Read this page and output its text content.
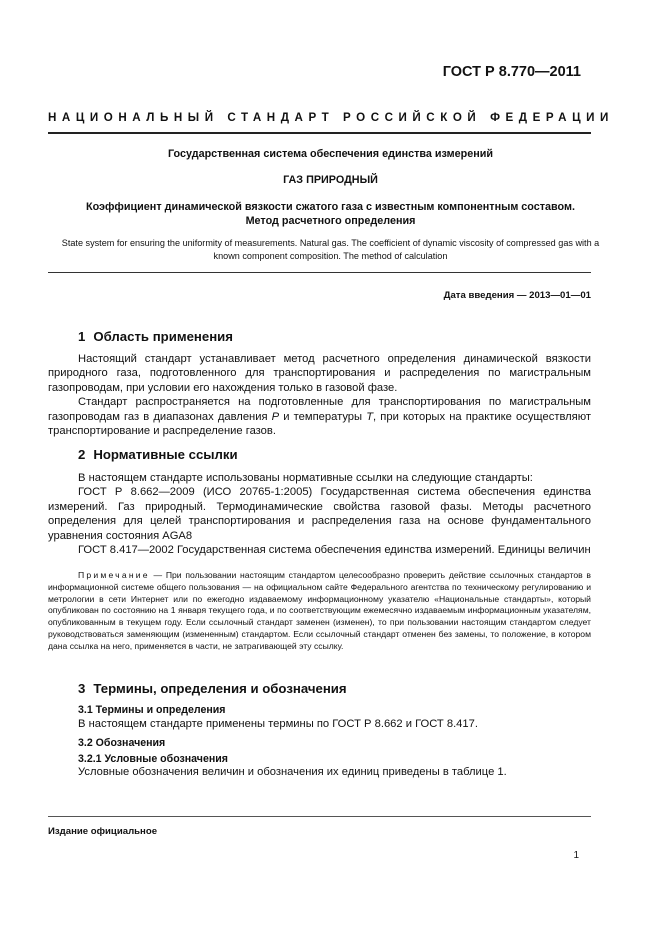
ГОСТ Р 8.770—2011
НАЦИОНАЛЬНЫЙ СТАНДАРТ РОССИЙСКОЙ ФЕДЕРАЦИИ
Государственная система обеспечения единства измерений
ГАЗ ПРИРОДНЫЙ
Коэффициент динамической вязкости сжатого газа с известным компонентным составом.
Метод расчетного определения
State system for ensuring the uniformity of measurements. Natural gas. The coefficient of dynamic viscosity of compressed gas with a known component composition. The method of calculation
Дата введения — 2013—01—01
1 Область применения

Настоящий стандарт устанавливает метод расчетного определения динамической вязкости природного газа, подготовленного для транспортирования и распределения по магистральным газопроводам, при условии его нахождения только в газовой фазе.

Стандарт распространяется на подготовленные для транспортирования по магистральным газопроводам газ в диапазонах давления P и температуры T, при которых на практике осуществляют транспортирование и распределение газов.

2 Нормативные ссылки

В настоящем стандарте использованы нормативные ссылки на следующие стандарты:

ГОСТ Р 8.662—2009 (ИСО 20765-1:2005) Государственная система обеспечения единства измерений. Газ природный. Термодинамические свойства газовой фазы. Методы расчетного определения для целей транспортирования и распределения газа на основе фундаментального уравнения состояния AGA8

ГОСТ 8.417—2002 Государственная система обеспечения единства измерений. Единицы величин

Примечание — При пользовании настоящим стандартом целесообразно проверить действие ссылочных стандартов в информационной системе общего пользования — на официальном сайте Федерального агентства по техническому регулированию и метрологии в сети Интернет или по ежегодно издаваемому информационному указателю «Национальные стандарты», который опубликован по состоянию на 1 января текущего года, и по соответствующим ежемесячно издаваемым информационным указателям, опубликованным в текущем году. Если ссылочный стандарт заменен (изменен), то при пользовании настоящим стандартом следует руководствоваться заменяющим (измененным) стандартом. Если ссылочный стандарт отменен без замены, то положение, в котором дана ссылка на него, применяется в части, не затрагивающей эту ссылку.
3 Термины, определения и обозначения
3.1 Термины и определения
В настоящем стандарте применены термины по ГОСТ Р 8.662 и ГОСТ 8.417.
3.2 Обозначения
3.2.1 Условные обозначения
Условные обозначения величин и обозначения их единиц приведены в таблице 1.
Издание официальное
1
